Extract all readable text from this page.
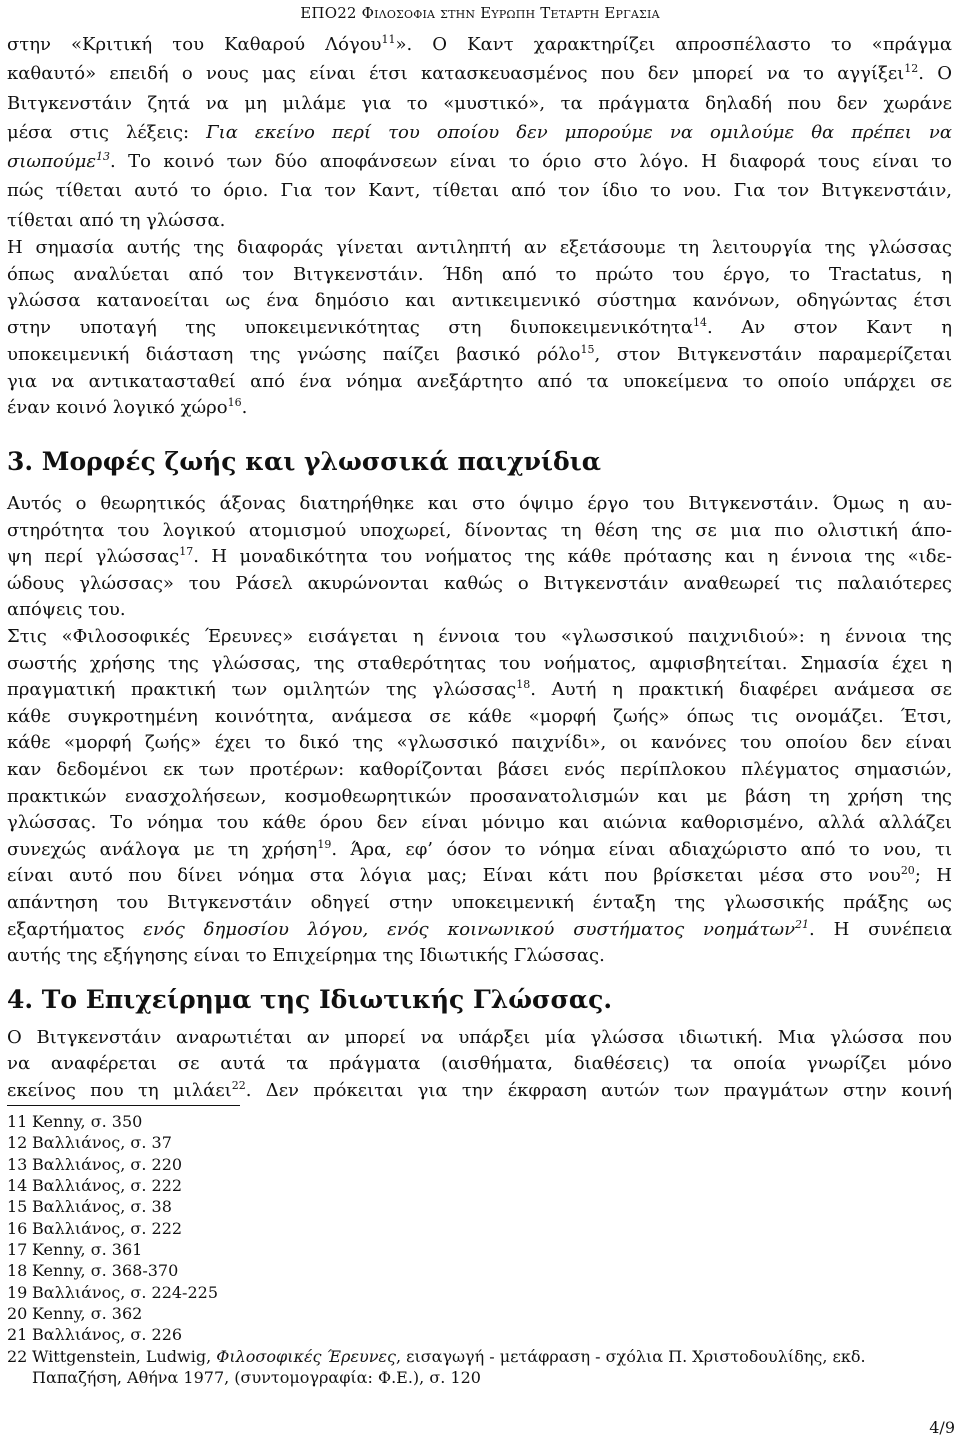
ΕΠΟ22 Φιλοσοφια στην Ευρωπη Τεταρτη Εργασια
στην «Κριτική του Καθαρού Λόγου$^{11}$». Ο Καντ χαρακτηρίζει απροσπέλαστο το «πράγμα
καθαυτό» επειδή ο νους μας είναι έτσι κατασκευασμένος που δεν μπορεί να το αγγίξει$^{12}$. Ο
Βιτγκενστάιν ζητά να μη μιλάμε για το «μυστικό», τα πράγματα δηλαδή που δεν χωράνε
μέσα στις λέξεις: Για εκείνο περί του οποίου δεν μπορούμε να ομιλούμε θα πρέπει να
σιωπούμε$^{13}$. Το κοινό των δύο αποφάνσεων είναι το όριο στο λόγο. Η διαφορά τους είναι το
πώς τίθεται αυτό το όριο. Για τον Καντ, τίθεται από τον ίδιο το νου. Για τον Βιτγκενστάιν,
τίθεται από τη γλώσσα.
Η σημασία αυτής της διαφοράς γίνεται αντιληπτή αν εξετάσουμε τη λειτουργία της γλώσσας
όπως αναλύεται από τον Βιτγκενστάιν. Ήδη από το πρώτο του έργο, το Tractatus, η
γλώσσα κατανοείται ως ένα δημόσιο και αντικειμενικό σύστημα κανόνων, οδηγώντας έτσι
στην υποταγή της υποκειμενικότητας στη διυποκειμενικότητα$^{14}$. Αν στον Καντ η
υποκειμενική διάσταση της γνώσης παίζει βασικό ρόλο$^{15}$, στον Βιτγκενστάιν παραμερίζεται
για να αντικατασταθεί από ένα νόημα ανεξάρτητο από τα υποκείμενα το οποίο υπάρχει σε
έναν κοινό λογικό χώρο$^{16}$.
3. Μορφές ζωής και γλωσσικά παιχνίδια
Αυτός ο θεωρητικός άξονας διατηρήθηκε και στο όψιμο έργο του Βιτγκενστάιν. Όμως η αυ-
στηρότητα του λογικού ατομισμού υποχωρεί, δίνοντας τη θέση της σε μια πιο ολιστική άπο-
ψη περί γλώσσας$^{17}$. Η μοναδικότητα του νοήματος της κάθε πρότασης και η έννοια της «ιδε-
ώδους γλώσσας» του Ράσελ ακυρώνονται καθώς ο Βιτγκενστάιν αναθεωρεί τις παλαιότερες
απόψεις του.
Στις «Φιλοσοφικές Έρευνες» εισάγεται η έννοια του «γλωσσικού παιχνιδιού»: η έννοια της
σωστής χρήσης της γλώσσας, της σταθερότητας του νοήματος, αμφισβητείται. Σημασία έχει η
πραγματική πρακτική των ομιλητών της γλώσσας$^{18}$. Αυτή η πρακτική διαφέρει ανάμεσα σε
κάθε συγκροτημένη κοινότητα, ανάμεσα σε κάθε «μορφή ζωής» όπως τις ονομάζει. Έτσι,
κάθε «μορφή ζωής» έχει το δικό της «γλωσσικό παιχνίδι», οι κανόνες του οποίου δεν είναι
καν δεδομένοι εκ των προτέρων: καθορίζονται βάσει ενός περίπλοκου πλέγματος σημασιών,
πρακτικών ενασχολήσεων, κοσμοθεωρητικών προσανατολισμών και με βάση τη χρήση της
γλώσσας. Το νόημα του κάθε όρου δεν είναι μόνιμο και αιώνια καθορισμένο, αλλά αλλάζει
συνεχώς ανάλογα με τη χρήση$^{19}$. Άρα, εφ’ όσον το νόημα είναι αδιαχώριστο από το νου, τι
είναι αυτό που δίνει νόημα στα λόγια μας; Είναι κάτι που βρίσκεται μέσα στο νου$^{20}$; Η
απάντηση του Βιτγκενστάιν οδηγεί στην υποκειμενική ένταξη της γλωσσικής πράξης ως
εξαρτήματος ενός δημοσίου λόγου, ενός κοινωνικού συστήματος νοημάτων$^{21}$. Η συνέπεια
αυτής της εξήγησης είναι το Επιχείρημα της Ιδιωτικής Γλώσσας.
4. Το Επιχείρημα της Ιδιωτικής Γλώσσας.
Ο Βιτγκενστάιν αναρωτιέται αν μπορεί να υπάρξει μία γλώσσα ιδιωτική. Μια γλώσσα που
να αναφέρεται σε αυτά τα πράγματα (αισθήματα, διαθέσεις) τα οποία γνωρίζει μόνο
εκείνος που τη μιλάει$^{22}$. Δεν πρόκειται για την έκφραση αυτών των πραγμάτων στην κοινή
11 Kenny, σ. 350
12 Βαλλιάνος, σ. 37
13 Βαλλιάνος, σ. 220
14 Βαλλιάνος, σ. 222
15 Βαλλιάνος, σ. 38
16 Βαλλιάνος, σ. 222
17 Kenny, σ. 361
18 Kenny, σ. 368-370
19 Βαλλιάνος, σ. 224-225
20 Kenny, σ. 362
21 Βαλλιάνος, σ. 226
22 Wittgenstein, Ludwig, Φιλοσοφικές Έρευνες, εισαγωγή - μετάφραση - σχόλια Π. Χριστοδουλίδης, εκδ.
Παπαζήση, Αθήνα 1977, (συντομογραφία: Φ.Ε.), σ. 120
4/9
